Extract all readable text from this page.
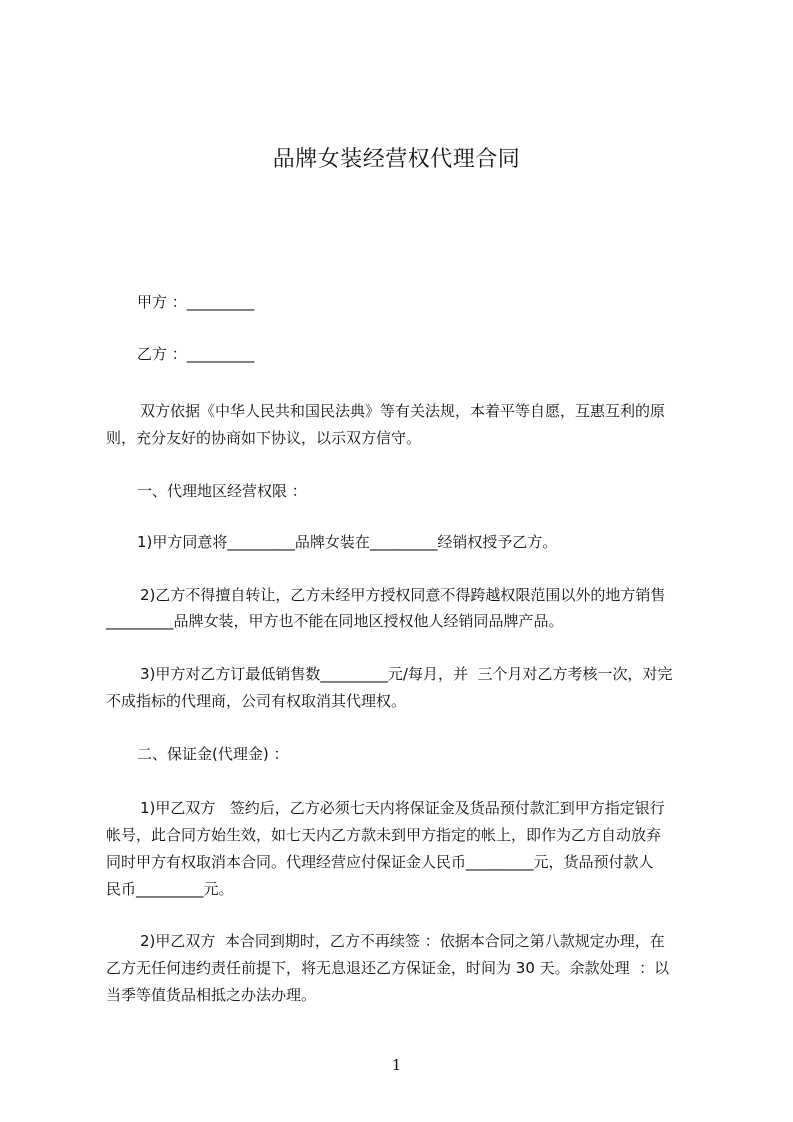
品牌女装经营权代理合同
甲方 ：_________
乙方 ：_________
双方依据《中华人民共和国民法典》等有关法规，本着平等自愿，互惠互利的原
则，充分友好的协商如下协议，以示双方信守。
一、代理地区经营权限 ：
1)甲方同意将_________品牌女装在_________经销权授予乙方。
2)乙方不得擅自转让，乙方未经甲方授权同意不得跨越权限范围以外的地方销售
_________品牌女装，甲方也不能在同地区授权他人经销同品牌产品。
3)甲方对乙方订最低销售数_________元/每月，并  三个月对乙方考核一次，对完
不成指标的代理商，公司有权取消其代理权。
二、保证金(代理金) ：
1)甲乙双方   签约后，乙方必须七天内将保证金及货品预付款汇到甲方指定银行
帐号，此合同方始生效，如七天内乙方款未到甲方指定的帐上，即作为乙方自动放弃
同时甲方有权取消本合同。代理经营应付保证金人民币_________元，货品预付款人
民币_________元。
2)甲乙双方  本合同到期时，乙方不再续签 ：依据本合同之第八款规定办理，在
乙方无任何违约责任前提下，将无息退还乙方保证金，时间为 30 天。余款处理  ：以
当季等值货品相抵之办法办理。
1
